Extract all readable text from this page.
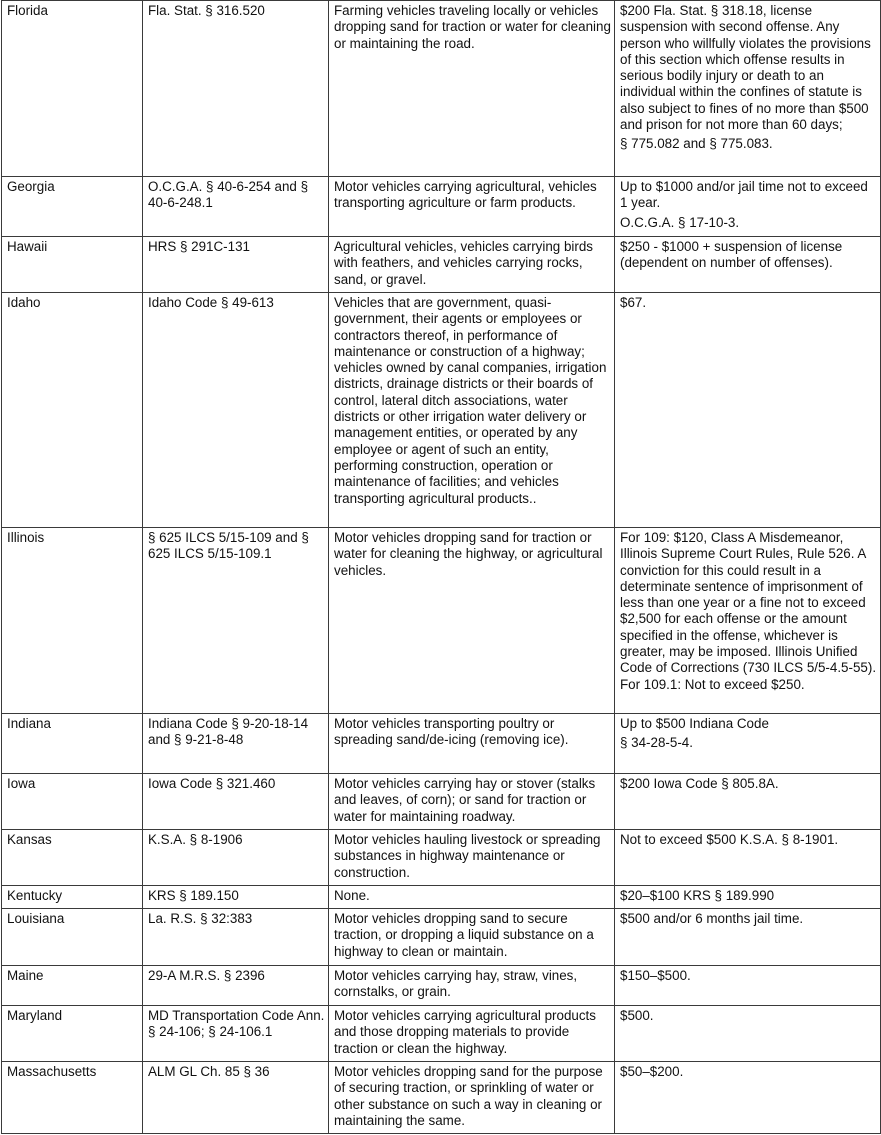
Florida	Fla. Stat. § 316.520	Farming vehicles traveling locally or vehicles dropping sand for traction or water for cleaning or maintaining the road.	$200 Fla. Stat. § 318.18, license suspension with second offense. Any person who willfully violates the provisions of this section which offense results in serious bodily injury or death to an individual within the confines of statute is also subject to fines of no more than $500 and prison for not more than 60 days;
§ 775.082 and § 775.083.

Georgia	O.C.G.A. § 40-6-254 and § 40-6-248.1	Motor vehicles carrying agricultural, vehicles transporting agriculture or farm products.	Up to $1000 and/or jail time not to exceed 1 year.
O.C.G.A. § 17-10-3.

Hawaii	HRS § 291C-131	Agricultural vehicles, vehicles carrying birds with feathers, and vehicles carrying rocks, sand, or gravel.	$250 - $1000 + suspension of license (dependent on number of offenses).

Idaho	Idaho Code § 49-613	Vehicles that are government, quasi-government, their agents or employees or contractors thereof, in performance of maintenance or construction of a highway; vehicles owned by canal companies, irrigation districts, drainage districts or their boards of control, lateral ditch associations, water districts or other irrigation water delivery or management entities, or operated by any employee or agent of such an entity, performing construction, operation or maintenance of facilities; and vehicles transporting agricultural products..	$67.

Illinois	§ 625 ILCS 5/15-109 and § 625 ILCS 5/15-109.1	Motor vehicles dropping sand for traction or water for cleaning the highway, or agricultural vehicles.	For 109: $120, Class A Misdemeanor, Illinois Supreme Court Rules, Rule 526. A conviction for this could result in a determinate sentence of imprisonment of less than one year or a fine not to exceed $2,500 for each offense or the amount specified in the offense, whichever is greater, may be imposed. Illinois Unified Code of Corrections (730 ILCS 5/5-4.5-55). For 109.1: Not to exceed $250.

Indiana	Indiana Code § 9-20-18-14 and § 9-21-8-48	Motor vehicles transporting poultry or spreading sand/de-icing (removing ice).	Up to $500 Indiana Code
§ 34-28-5-4.

Iowa	Iowa Code § 321.460	Motor vehicles carrying hay or stover (stalks and leaves, of corn); or sand for traction or water for maintaining roadway.	$200 Iowa Code § 805.8A.

Kansas	K.S.A. § 8-1906	Motor vehicles hauling livestock or spreading substances in highway maintenance or construction.	Not to exceed $500 K.S.A. § 8-1901.

Kentucky	KRS § 189.150	None.	$20–$100 KRS § 189.990

Louisiana	La. R.S. § 32:383	Motor vehicles dropping sand to secure traction, or dropping a liquid substance on a highway to clean or maintain.	$500 and/or 6 months jail time.

Maine	29-A M.R.S. § 2396	Motor vehicles carrying hay, straw, vines, cornstalks, or grain.	$150–$500.

Maryland	MD Transportation Code Ann. § 24-106; § 24-106.1	Motor vehicles carrying agricultural products and those dropping materials to provide traction or clean the highway.	$500.

Massachusetts	ALM GL Ch. 85 § 36	Motor vehicles dropping sand for the purpose of securing traction, or sprinkling of water or other substance on such a way in cleaning or maintaining the same.	$50–$200.
